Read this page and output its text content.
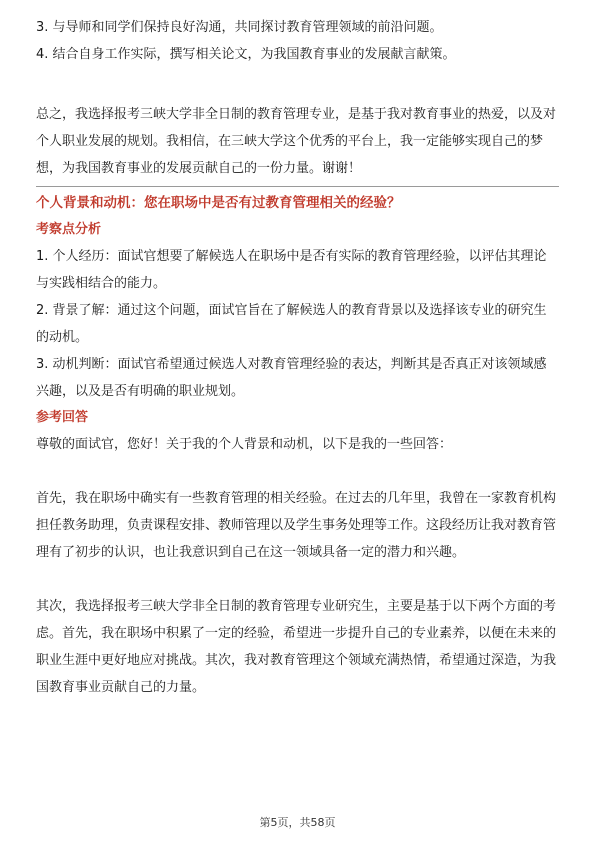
3. 与导师和同学们保持良好沟通，共同探讨教育管理领域的前沿问题。

4. 结合自身工作实际，撰写相关论文，为我国教育事业的发展献言献策。

总之，我选择报考三峡大学非全日制的教育管理专业，是基于我对教育事业的热爱，以及对个人职业发展的规划。我相信，在三峡大学这个优秀的平台上，我一定能够实现自己的梦想，为我国教育事业的发展贡献自己的一份力量。谢谢！

个人背景和动机：您在职场中是否有过教育管理相关的经验？
考察点分析

1. 个人经历：面试官想要了解候选人在职场中是否有实际的教育管理经验，以评估其理论与实践相结合的能力。

2. 背景了解：通过这个问题，面试官旨在了解候选人的教育背景以及选择该专业的研究生的动机。

3. 动机判断：面试官希望通过候选人对教育管理经验的表达，判断其是否真正对该领域感兴趣，以及是否有明确的职业规划。

参考回答

尊敬的面试官，您好！关于我的个人背景和动机，以下是我的一些回答：

首先，我在职场中确实有一些教育管理的相关经验。在过去的几年里，我曾在一家教育机构担任教务助理，负责课程安排、教师管理以及学生事务处理等工作。这段经历让我对教育管理有了初步的认识，也让我意识到自己在这一领域具备一定的潜力和兴趣。

其次，我选择报考三峡大学非全日制的教育管理专业研究生，主要是基于以下两个方面的考虑。首先，我在职场中积累了一定的经验，希望进一步提升自己的专业素养，以便在未来的职业生涯中更好地应对挑战。其次，我对教育管理这个领域充满热情，希望通过深造，为我国教育事业贡献自己的力量。

第5页，共58页
